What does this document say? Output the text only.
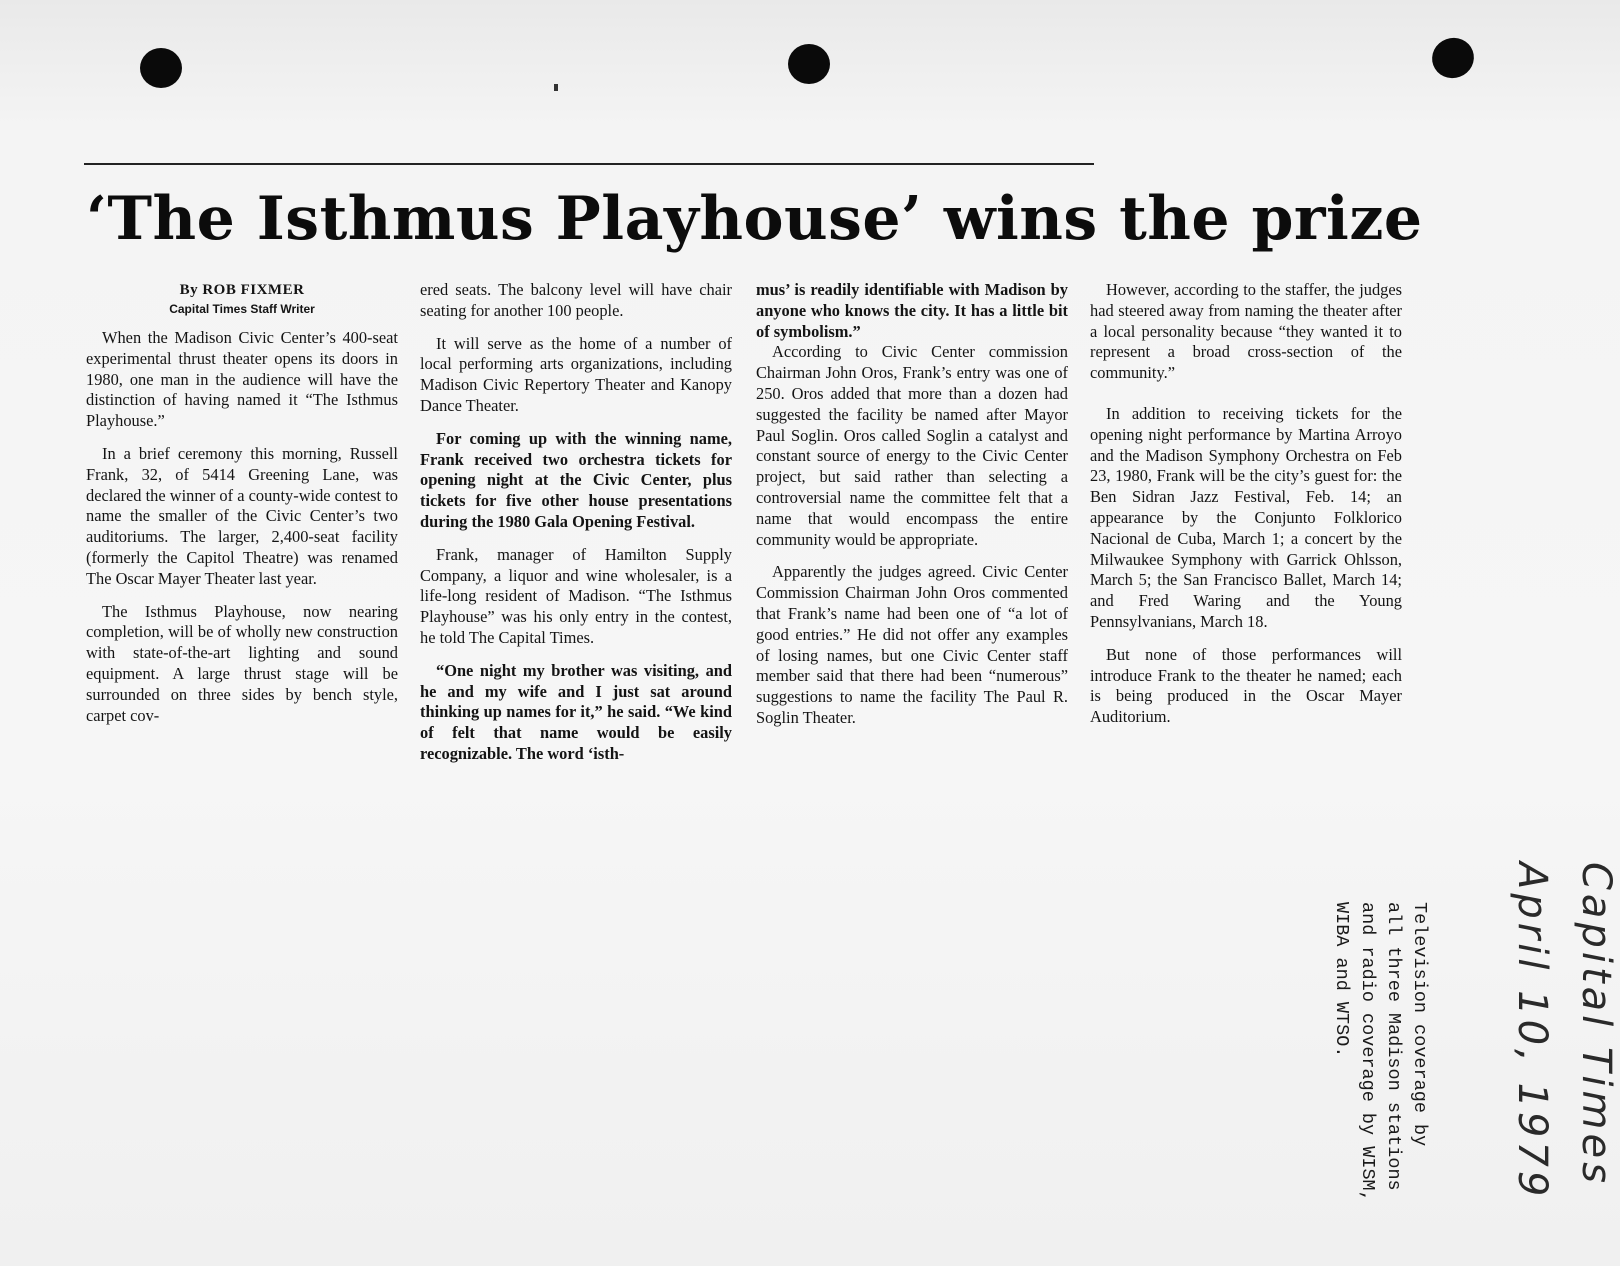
‘The Isthmus Playhouse’ wins the prize
By ROB FIXMER
Capital Times Staff Writer

When the Madison Civic Center’s 400-seat experimental thrust theater opens its doors in 1980, one man in the audience will have the distinction of having named it “The Isthmus Playhouse.”

In a brief ceremony this morning, Russell Frank, 32, of 5414 Greening Lane, was declared the winner of a county-wide contest to name the smaller of the Civic Center’s two auditoriums. The larger, 2,400-seat facility (formerly the Capitol Theatre) was renamed The Oscar Mayer Theater last year.

The Isthmus Playhouse, now nearing completion, will be of wholly new construction with state-of-the-art lighting and sound equipment. A large thrust stage will be surrounded on three sides by bench style, carpet cov-

ered seats. The balcony level will have chair seating for another 100 people.

It will serve as the home of a number of local performing arts organizations, including Madison Civic Repertory Theater and Kanopy Dance Theater.

For coming up with the winning name, Frank received two orchestra tickets for opening night at the Civic Center, plus tickets for five other house presentations during the 1980 Gala Opening Festival.

Frank, manager of Hamilton Supply Company, a liquor and wine wholesaler, is a life-long resident of Madison. “The Isthmus Playhouse” was his only entry in the contest, he told The Capital Times.

“One night my brother was visiting, and he and my wife and I just sat around thinking up names for it,” he said. “We kind of felt that name would be easily recognizable. The word ‘isth-

mus’ is readily identifiable with Madison by anyone who knows the city. It has a little bit of symbolism.”

According to Civic Center commission Chairman John Oros, Frank’s entry was one of 250. Oros added that more than a dozen had suggested the facility be named after Mayor Paul Soglin. Oros called Soglin a catalyst and constant source of energy to the Civic Center project, but said rather than selecting a controversial name the committee felt that a name that would encompass the entire community would be appropriate.

Apparently the judges agreed. Civic Center Commission Chairman John Oros commented that Frank’s name had been one of “a lot of good entries.” He did not offer any examples of losing names, but one Civic Center staff member said that there had been “numerous” suggestions to name the facility The Paul R. Soglin Theater.

However, according to the staffer, the judges had steered away from naming the theater after a local personality because “they wanted it to represent a broad cross-section of the community.”

In addition to receiving tickets for the opening night performance by Martina Arroyo and the Madison Symphony Orchestra on Feb 23, 1980, Frank will be the city’s guest for: the Ben Sidran Jazz Festival, Feb. 14; an appearance by the Conjunto Folklorico Nacional de Cuba, March 1; a concert by the Milwaukee Symphony with Garrick Ohlsson, March 5; the San Francisco Ballet, March 14; and Fred Waring and the Young Pennsylvanians, March 18.

But none of those performances will introduce Frank to the theater he named; each is being produced in the Oscar Mayer Auditorium.

Television coverage by
all three Madison stations
and radio coverage by WISM,
WIBA and WTSO.	Capital Times
April 10, 1979
